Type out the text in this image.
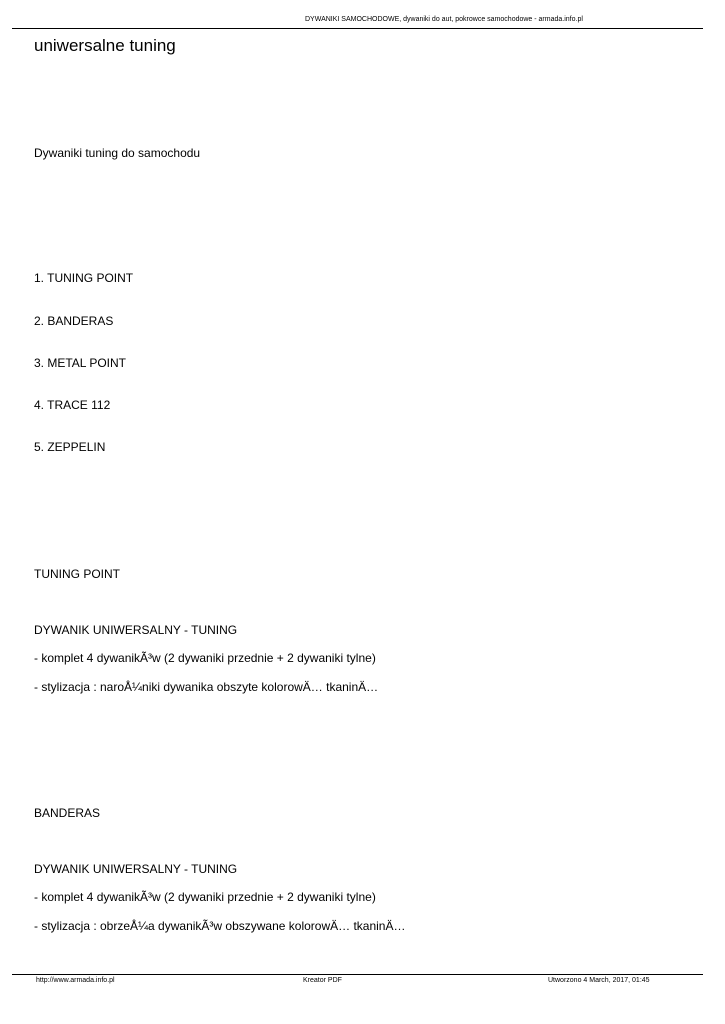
DYWANIKI SAMOCHODOWE, dywaniki do aut, pokrowce samochodowe - armada.info.pl
uniwersalne tuning
Dywaniki tuning do samochodu
1. TUNING POINT
2. BANDERAS
3. METAL POINT
4. TRACE 112
5. ZEPPELIN
TUNING POINT
DYWANIK UNIWERSALNY - TUNING
- komplet 4 dywanikÃ³w (2 dywaniki przednie + 2 dywaniki tylne)
- stylizacja : naroÅ¼niki dywanika obszyte kolorowÄ… tkaninÄ…
BANDERAS
DYWANIK UNIWERSALNY - TUNING
- komplet 4 dywanikÃ³w (2 dywaniki przednie + 2 dywaniki tylne)
- stylizacja : obrzeÅ¼a dywanikÃ³w obszywane kolorowÄ… tkaninÄ…
http://www.armada.info.pl	Kreator PDF	Utworzono 4 March, 2017, 01:45
